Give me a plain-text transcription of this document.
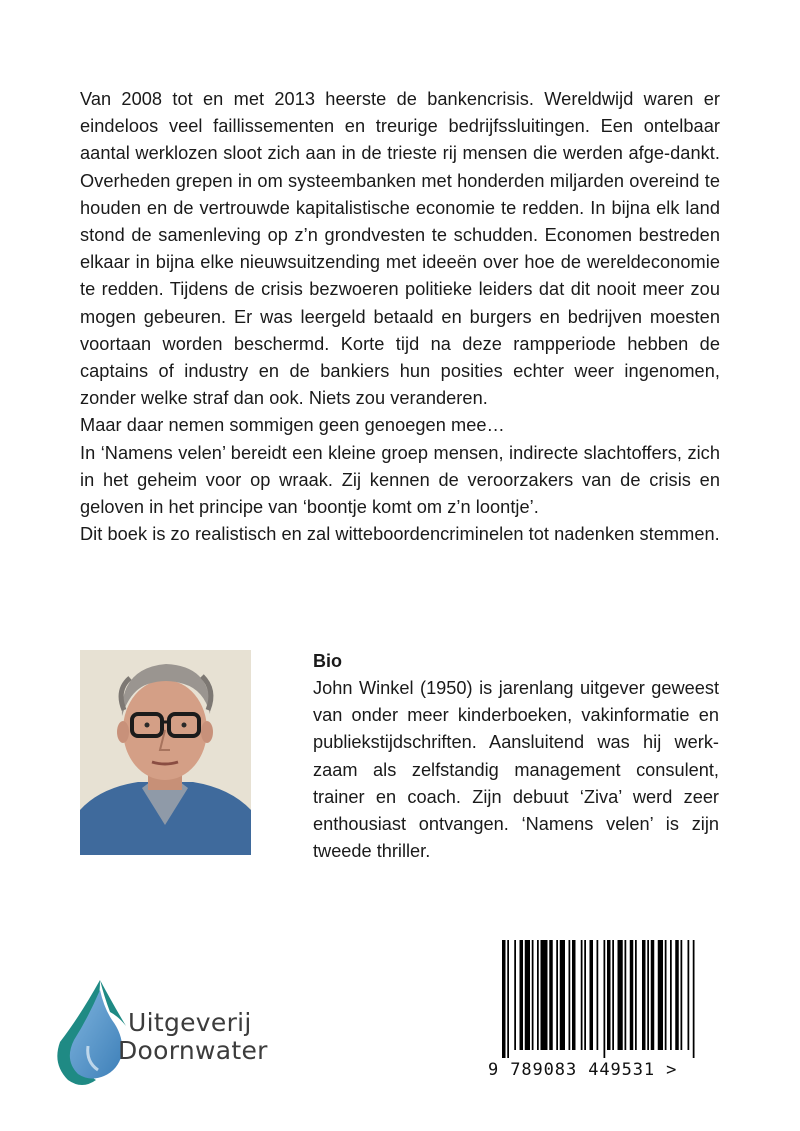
Van 2008 tot en met 2013 heerste de bankencrisis. Wereldwijd waren er eindeloos veel faillissementen en treurige bedrijfssluitingen. Een ontelbaar aantal werklozen sloot zich aan in de trieste rij mensen die werden afge-dankt. Overheden grepen in om systeembanken met honderden miljarden overeind te houden en de vertrouwde kapitalistische economie te redden. In bijna elk land stond de samenleving op z’n grondvesten te schudden. Economen bestreden elkaar in bijna elke nieuwsuitzending met ideeën over hoe de wereldeconomie te redden. Tijdens de crisis bezwoeren politieke leiders dat dit nooit meer zou mogen gebeuren. Er was leergeld betaald en burgers en bedrijven moesten voortaan worden beschermd. Korte tijd na deze rampperiode hebben de captains of industry en de bankiers hun posities echter weer ingenomen, zonder welke straf dan ook. Niets zou veranderen.

Maar daar nemen sommigen geen genoegen mee…

In ‘Namens velen’ bereidt een kleine groep mensen, indirecte slachtoffers, zich in het geheim voor op wraak. Zij kennen de veroorzakers van de crisis en geloven in het principe van ‘boontje komt om z’n loontje’.

Dit boek is zo realistisch en zal witteboordencriminelen tot nadenken stemmen.

Bio

John Winkel (1950) is jarenlang uitgever geweest van onder meer kinderboeken, vakinformatie en publiekstijdschriften. Aansluitend was hij werk-zaam als zelfstandig management consulent, trainer en coach. Zijn debuut ‘Ziva’ werd zeer enthousiast ontvangen. ‘Namens velen’ is zijn tweede thriller.

Uitgeverij
Doornwater
9 789083 449531 >
